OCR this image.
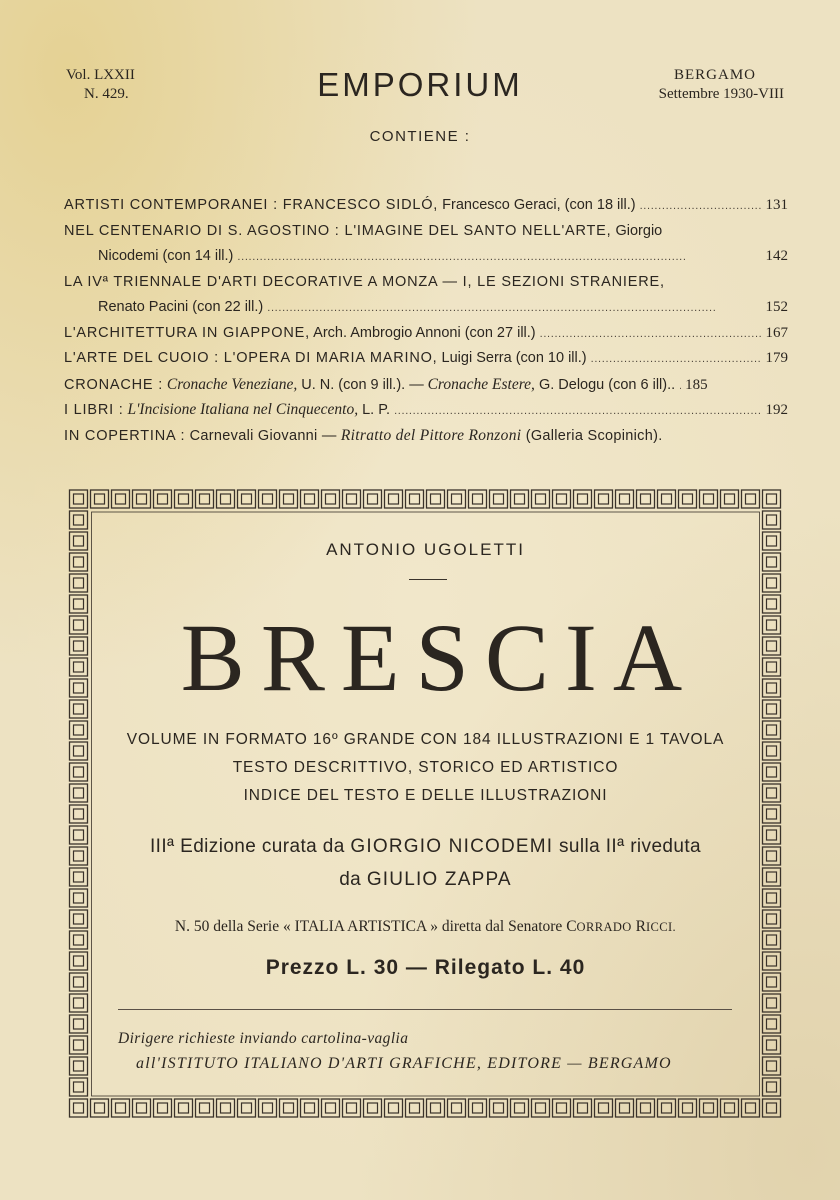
Vol. LXXII
N. 429.	EMPORIUM	BERGAMO
Settembre 1930-VIII
CONTIENE :
ARTISTI CONTEMPORANEI : FRANCESCO SIDLÓ, Francesco Geraci, (con 18 ill.) . . .	131
NEL CENTENARIO DI S. AGOSTINO : L'IMAGINE DEL SANTO NELL'ARTE, Giorgio
Nicodemi (con 14 ill.) . . .	142
LA IVª TRIENNALE D'ARTI DECORATIVE A MONZA — I, LE SEZIONI STRANIERE,
Renato Pacini (con 22 ill.) . . .	152
L'ARCHITETTURA IN GIAPPONE, Arch. Ambrogio Annoni (con 27 ill.) . . .	167
L'ARTE DEL CUOIO : L'OPERA DI MARIA MARINO, Luigi Serra (con 10 ill.) . . .	179
CRONACHE : Cronache Veneziane, U. N. (con 9 ill.). — Cronache Estere, G. Delogu (con 6 ill).. . . . 185
I LIBRI : L'Incisione Italiana nel Cinquecento, L. P. . . .	192
IN COPERTINA : Carnevali Giovanni — Ritratto del Pittore Ronzoni (Galleria Scopinich).
ANTONIO UGOLETTI
BRESCIA
VOLUME IN FORMATO 16º GRANDE CON 184 ILLUSTRAZIONI E 1 TAVOLA
TESTO DESCRITTIVO, STORICO ED ARTISTICO
INDICE DEL TESTO E DELLE ILLUSTRAZIONI
IIIª Edizione curata da GIORGIO NICODEMI sulla IIª riveduta
da GIULIO ZAPPA
N. 50 della Serie « ITALIA ARTISTICA » diretta dal Senatore CORRADO RICCI.
Prezzo L. 30 — Rilegato L. 40
Dirigere richieste inviando cartolina-vaglia
all'ISTITUTO ITALIANO D'ARTI GRAFICHE, EDITORE — BERGAMO
